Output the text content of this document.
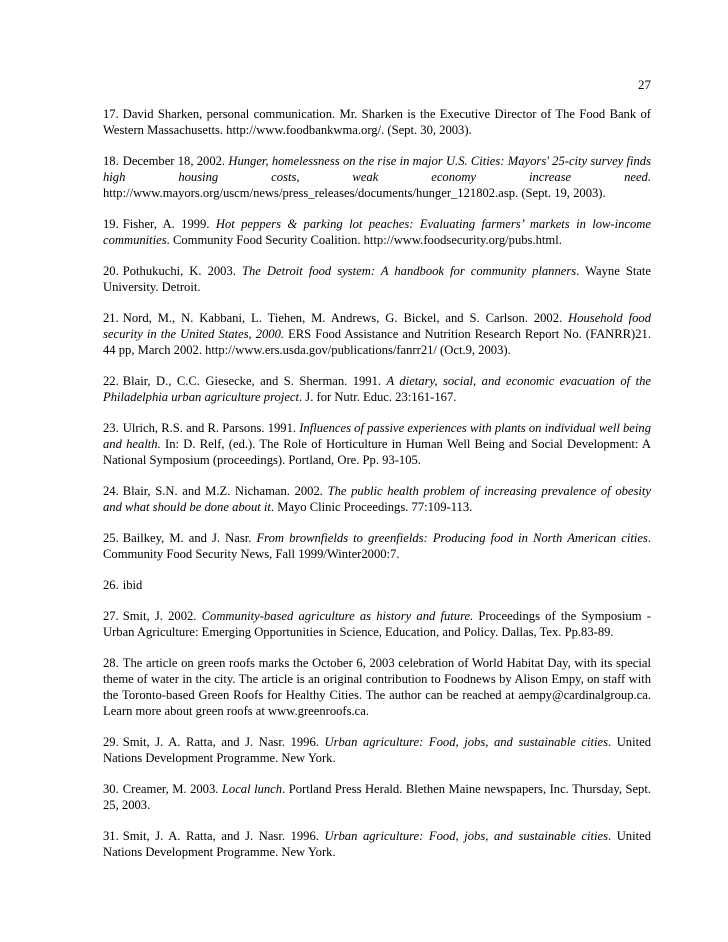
27

17. David Sharken, personal communication. Mr. Sharken is the Executive Director of The Food Bank of Western Massachusetts. http://www.foodbankwma.org/. (Sept. 30, 2003).

18. December 18, 2002. Hunger, homelessness on the rise in major U.S. Cities: Mayors' 25-city survey finds high housing costs, weak economy increase need. http://www.mayors.org/uscm/news/press_releases/documents/hunger_121802.asp. (Sept. 19, 2003).

19. Fisher, A. 1999. Hot peppers & parking lot peaches: Evaluating farmers’ markets in low-income communities. Community Food Security Coalition. http://www.foodsecurity.org/pubs.html.

20. Pothukuchi, K. 2003. The Detroit food system: A handbook for community planners. Wayne State University. Detroit.

21. Nord, M., N. Kabbani, L. Tiehen, M. Andrews, G. Bickel, and S. Carlson. 2002. Household food security in the United States, 2000. ERS Food Assistance and Nutrition Research Report No. (FANRR)21. 44 pp, March 2002. http://www.ers.usda.gov/publications/fanrr21/ (Oct.9, 2003).

22. Blair, D., C.C. Giesecke, and S. Sherman. 1991. A dietary, social, and economic evacuation of the Philadelphia urban agriculture project. J. for Nutr. Educ. 23:161-167.

23. Ulrich, R.S. and R. Parsons. 1991. Influences of passive experiences with plants on individual well being and health. In: D. Relf, (ed.). The Role of Horticulture in Human Well Being and Social Development: A National Symposium (proceedings). Portland, Ore. Pp. 93-105.

24. Blair, S.N. and M.Z. Nichaman. 2002. The public health problem of increasing prevalence of obesity and what should be done about it. Mayo Clinic Proceedings. 77:109-113.

25. Bailkey, M. and J. Nasr. From brownfields to greenfields: Producing food in North American cities. Community Food Security News, Fall 1999/Winter2000:7.

26. ibid

27. Smit, J. 2002. Community-based agriculture as history and future. Proceedings of the Symposium - Urban Agriculture: Emerging Opportunities in Science, Education, and Policy. Dallas, Tex. Pp.83-89.

28. The article on green roofs marks the October 6, 2003 celebration of World Habitat Day, with its special theme of water in the city. The article is an original contribution to Foodnews by Alison Empy, on staff with the Toronto-based Green Roofs for Healthy Cities. The author can be reached at aempy@cardinalgroup.ca. Learn more about green roofs at www.greenroofs.ca.

29. Smit, J. A. Ratta, and J. Nasr. 1996. Urban agriculture: Food, jobs, and sustainable cities. United Nations Development Programme. New York.

30. Creamer, M. 2003. Local lunch. Portland Press Herald. Blethen Maine newspapers, Inc. Thursday, Sept. 25, 2003.

31. Smit, J. A. Ratta, and J. Nasr. 1996. Urban agriculture: Food, jobs, and sustainable cities. United Nations Development Programme. New York.
